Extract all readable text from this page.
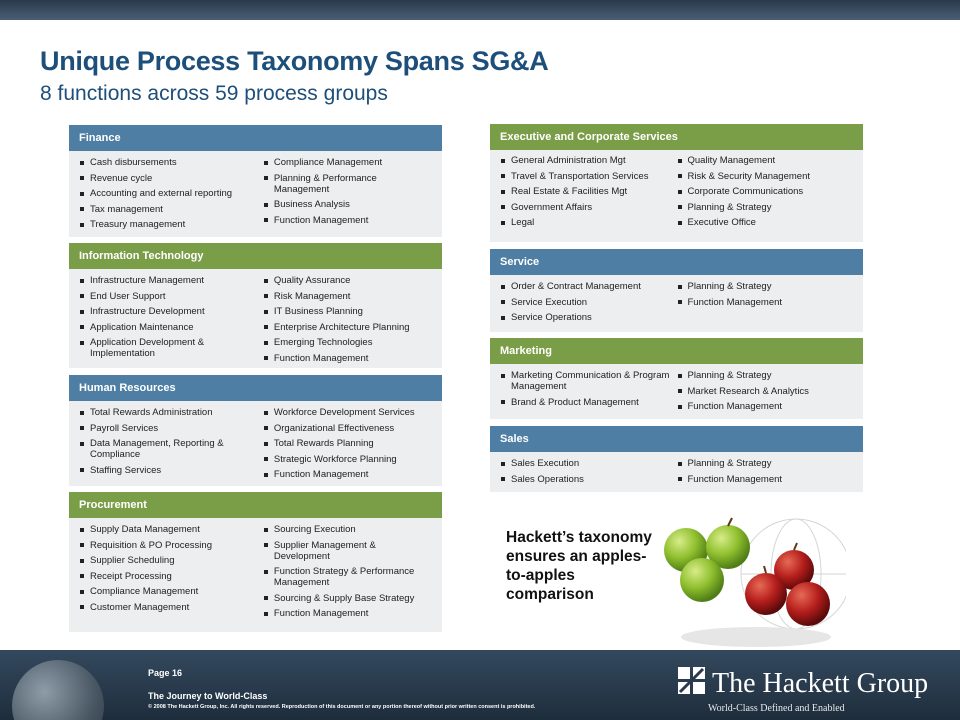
Unique Process Taxonomy Spans SG&A
8 functions across 59 process groups
Finance
Cash disbursements
Revenue cycle
Accounting and external reporting
Tax management
Treasury management
Compliance Management
Planning & Performance Management
Business Analysis
Function Management
Information Technology
Infrastructure Management
End User Support
Infrastructure Development
Application Maintenance
Application Development & Implementation
Quality Assurance
Risk Management
IT Business Planning
Enterprise Architecture Planning
Emerging Technologies
Function Management
Human Resources
Total Rewards Administration
Payroll Services
Data Management, Reporting & Compliance
Staffing Services
Workforce Development Services
Organizational Effectiveness
Total Rewards Planning
Strategic Workforce Planning
Function Management
Procurement
Supply Data Management
Requisition & PO Processing
Supplier Scheduling
Receipt Processing
Compliance Management
Customer Management
Sourcing Execution
Supplier Management & Development
Function Strategy & Performance Management
Sourcing & Supply Base Strategy
Function Management
Executive and Corporate Services
General Administration Mgt
Travel & Transportation Services
Real Estate & Facilities Mgt
Government Affairs
Legal
Quality Management
Risk & Security Management
Corporate Communications
Planning & Strategy
Executive Office
Service
Order & Contract Management
Service Execution
Service Operations
Planning & Strategy
Function Management
Marketing
Marketing Communication & Program Management
Brand & Product Management
Planning & Strategy
Market Research & Analytics
Function Management
Sales
Sales Execution
Sales Operations
Planning & Strategy
Function Management
Hackett’s taxonomy ensures an apples-to-apples comparison
Page 16
The Journey to World-Class
© 2008 The Hackett Group, Inc. All rights reserved. Reproduction of this document or any portion thereof without prior written consent is prohibited.
The Hackett Group
World-Class Defined and Enabled
